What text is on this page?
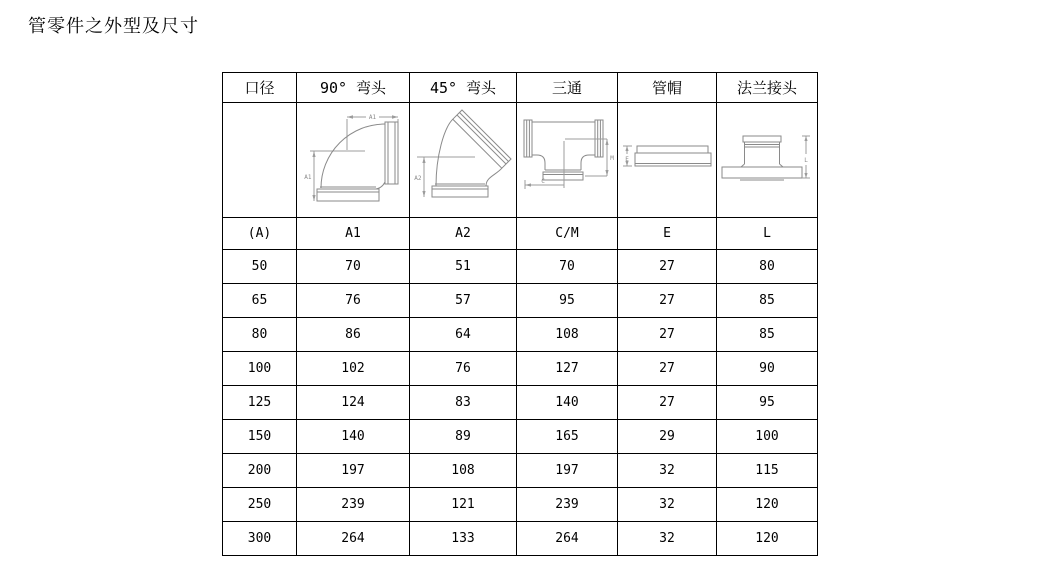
管零件之外型及尺寸
口径	90° 弯头	45° 弯头	三通	管帽	法兰接头

A1
A1	A2	M
C	E	L

(A)	A1	A2	C/M	E	L
50	70	51	70	27	80
65	76	57	95	27	85
80	86	64	108	27	85
100	102	76	127	27	90
125	124	83	140	27	95
150	140	89	165	29	100
200	197	108	197	32	115
250	239	121	239	32	120
300	264	133	264	32	120
